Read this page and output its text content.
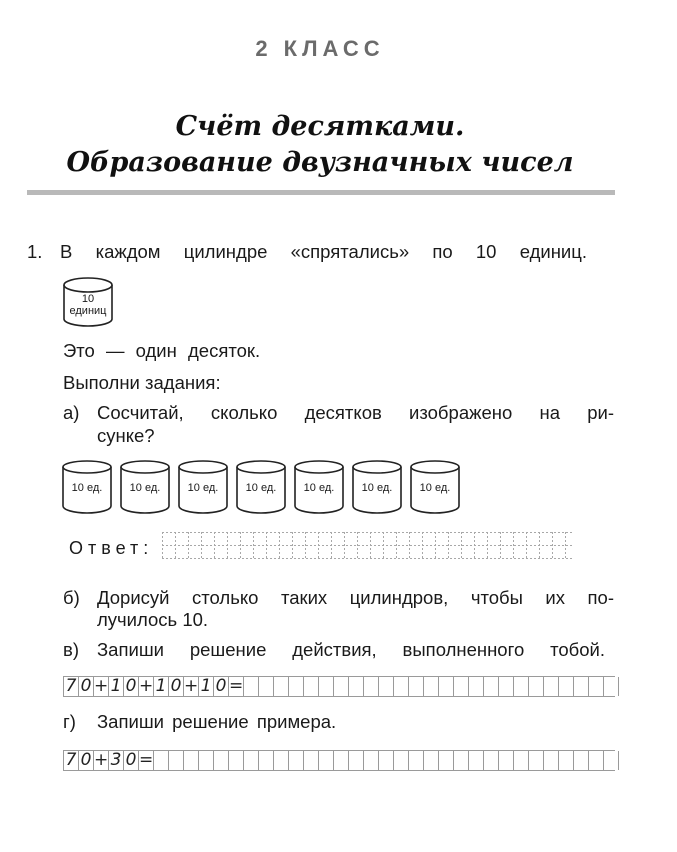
2 КЛАСС
Счёт десятками.
Образование двузначных чисел
1. В каждом цилиндре «спрятались» по 10 единиц.
10
единиц
Это — один десяток.
Выполни задания:
а) Сосчитай, сколько десятков изображено на ри-
сунке?
10 ед.	10 ед.	10 ед.	10 ед.	10 ед.	10 ед.	10 ед.
Ответ:
б) Дорисуй столько таких цилиндров, чтобы их по-
лучилось 10.
в) Запиши решение действия, выполненного тобой.
7 0 + 1 0 + 1 0 + 1 0 =
г) Запиши решение примера.
7 0 + 3 0 =
